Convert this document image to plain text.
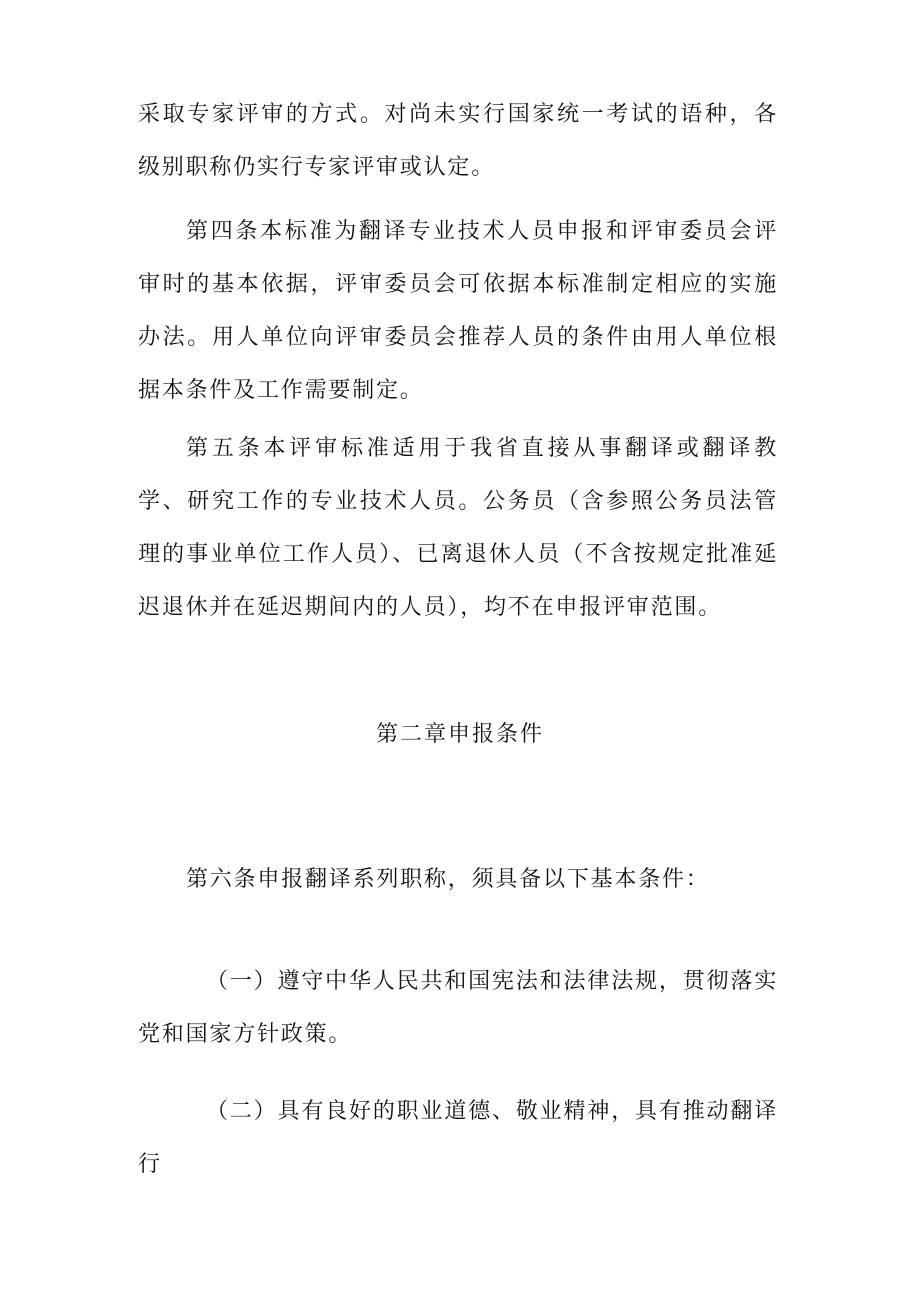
采取专家评审的方式。对尚未实行国家统一考试的语种，各级别职称仍实行专家评审或认定。

第四条本标准为翻译专业技术人员申报和评审委员会评审时的基本依据，评审委员会可依据本标准制定相应的实施办法。用人单位向评审委员会推荐人员的条件由用人单位根据本条件及工作需要制定。

第五条本评审标准适用于我省直接从事翻译或翻译教学、研究工作的专业技术人员。公务员（含参照公务员法管理的事业单位工作人员）、已离退休人员（不含按规定批准延迟退休并在延迟期间内的人员），均不在申报评审范围。

第二章申报条件

第六条申报翻译系列职称，须具备以下基本条件：

（一）遵守中华人民共和国宪法和法律法规，贯彻落实党和国家方针政策。

（二）具有良好的职业道德、敬业精神，具有推动翻译行
